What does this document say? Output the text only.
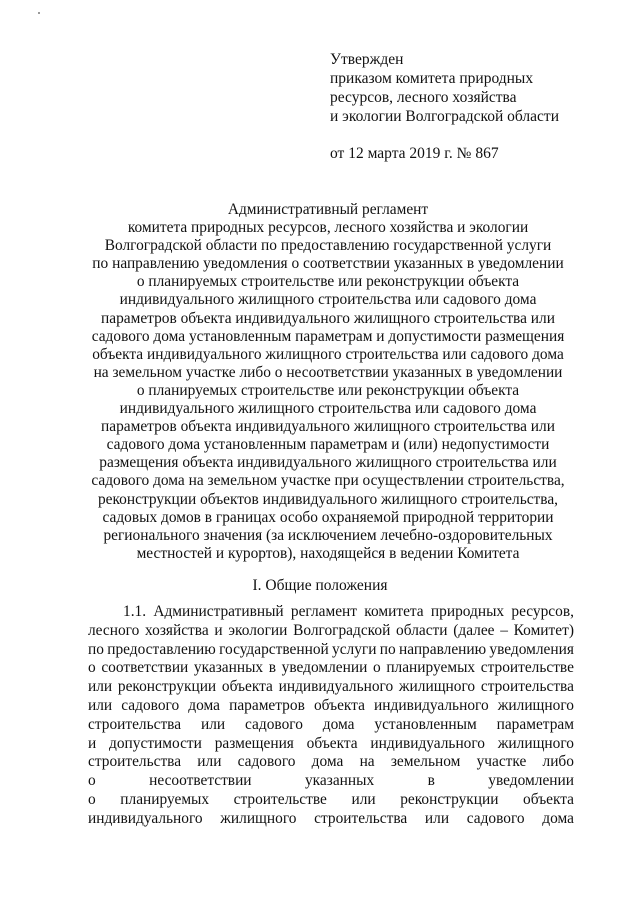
Утвержден
приказом комитета природных
ресурсов, лесного хозяйства
и экологии Волгоградской области
от 12 марта 2019 г. № 867
Административный регламент
комитета природных ресурсов, лесного хозяйства и экологии
Волгоградской области по предоставлению государственной услуги
по направлению уведомления о соответствии указанных в уведомлении
о планируемых строительстве или реконструкции объекта
индивидуального жилищного строительства или садового дома
параметров объекта индивидуального жилищного строительства или
садового дома установленным параметрам и допустимости размещения
объекта индивидуального жилищного строительства или садового дома
на земельном участке либо о несоответствии указанных в уведомлении
о планируемых строительстве или реконструкции объекта
индивидуального жилищного строительства или садового дома
параметров объекта индивидуального жилищного строительства или
садового дома установленным параметрам и (или) недопустимости
размещения объекта индивидуального жилищного строительства или
садового дома на земельном участке при осуществлении строительства,
реконструкции объектов индивидуального жилищного строительства,
садовых домов в границах особо охраняемой природной территории
регионального значения (за исключением лечебно-оздоровительных
местностей и курортов), находящейся в ведении Комитета
I. Общие положения
1.1. Административный регламент комитета природных ресурсов,
лесного хозяйства и экологии Волгоградской области (далее – Комитет)
по предоставлению государственной услуги по направлению уведомления
о соответствии указанных в уведомлении о планируемых строительстве
или реконструкции объекта индивидуального жилищного строительства
или садового дома параметров объекта индивидуального жилищного
строительства или садового дома установленным параметрам
и допустимости размещения объекта индивидуального жилищного
строительства или садового дома на земельном участке либо
о	несоответствии	указанных	в	уведомлении
о планируемых строительстве или реконструкции объекта
индивидуального жилищного строительства или садового дома
